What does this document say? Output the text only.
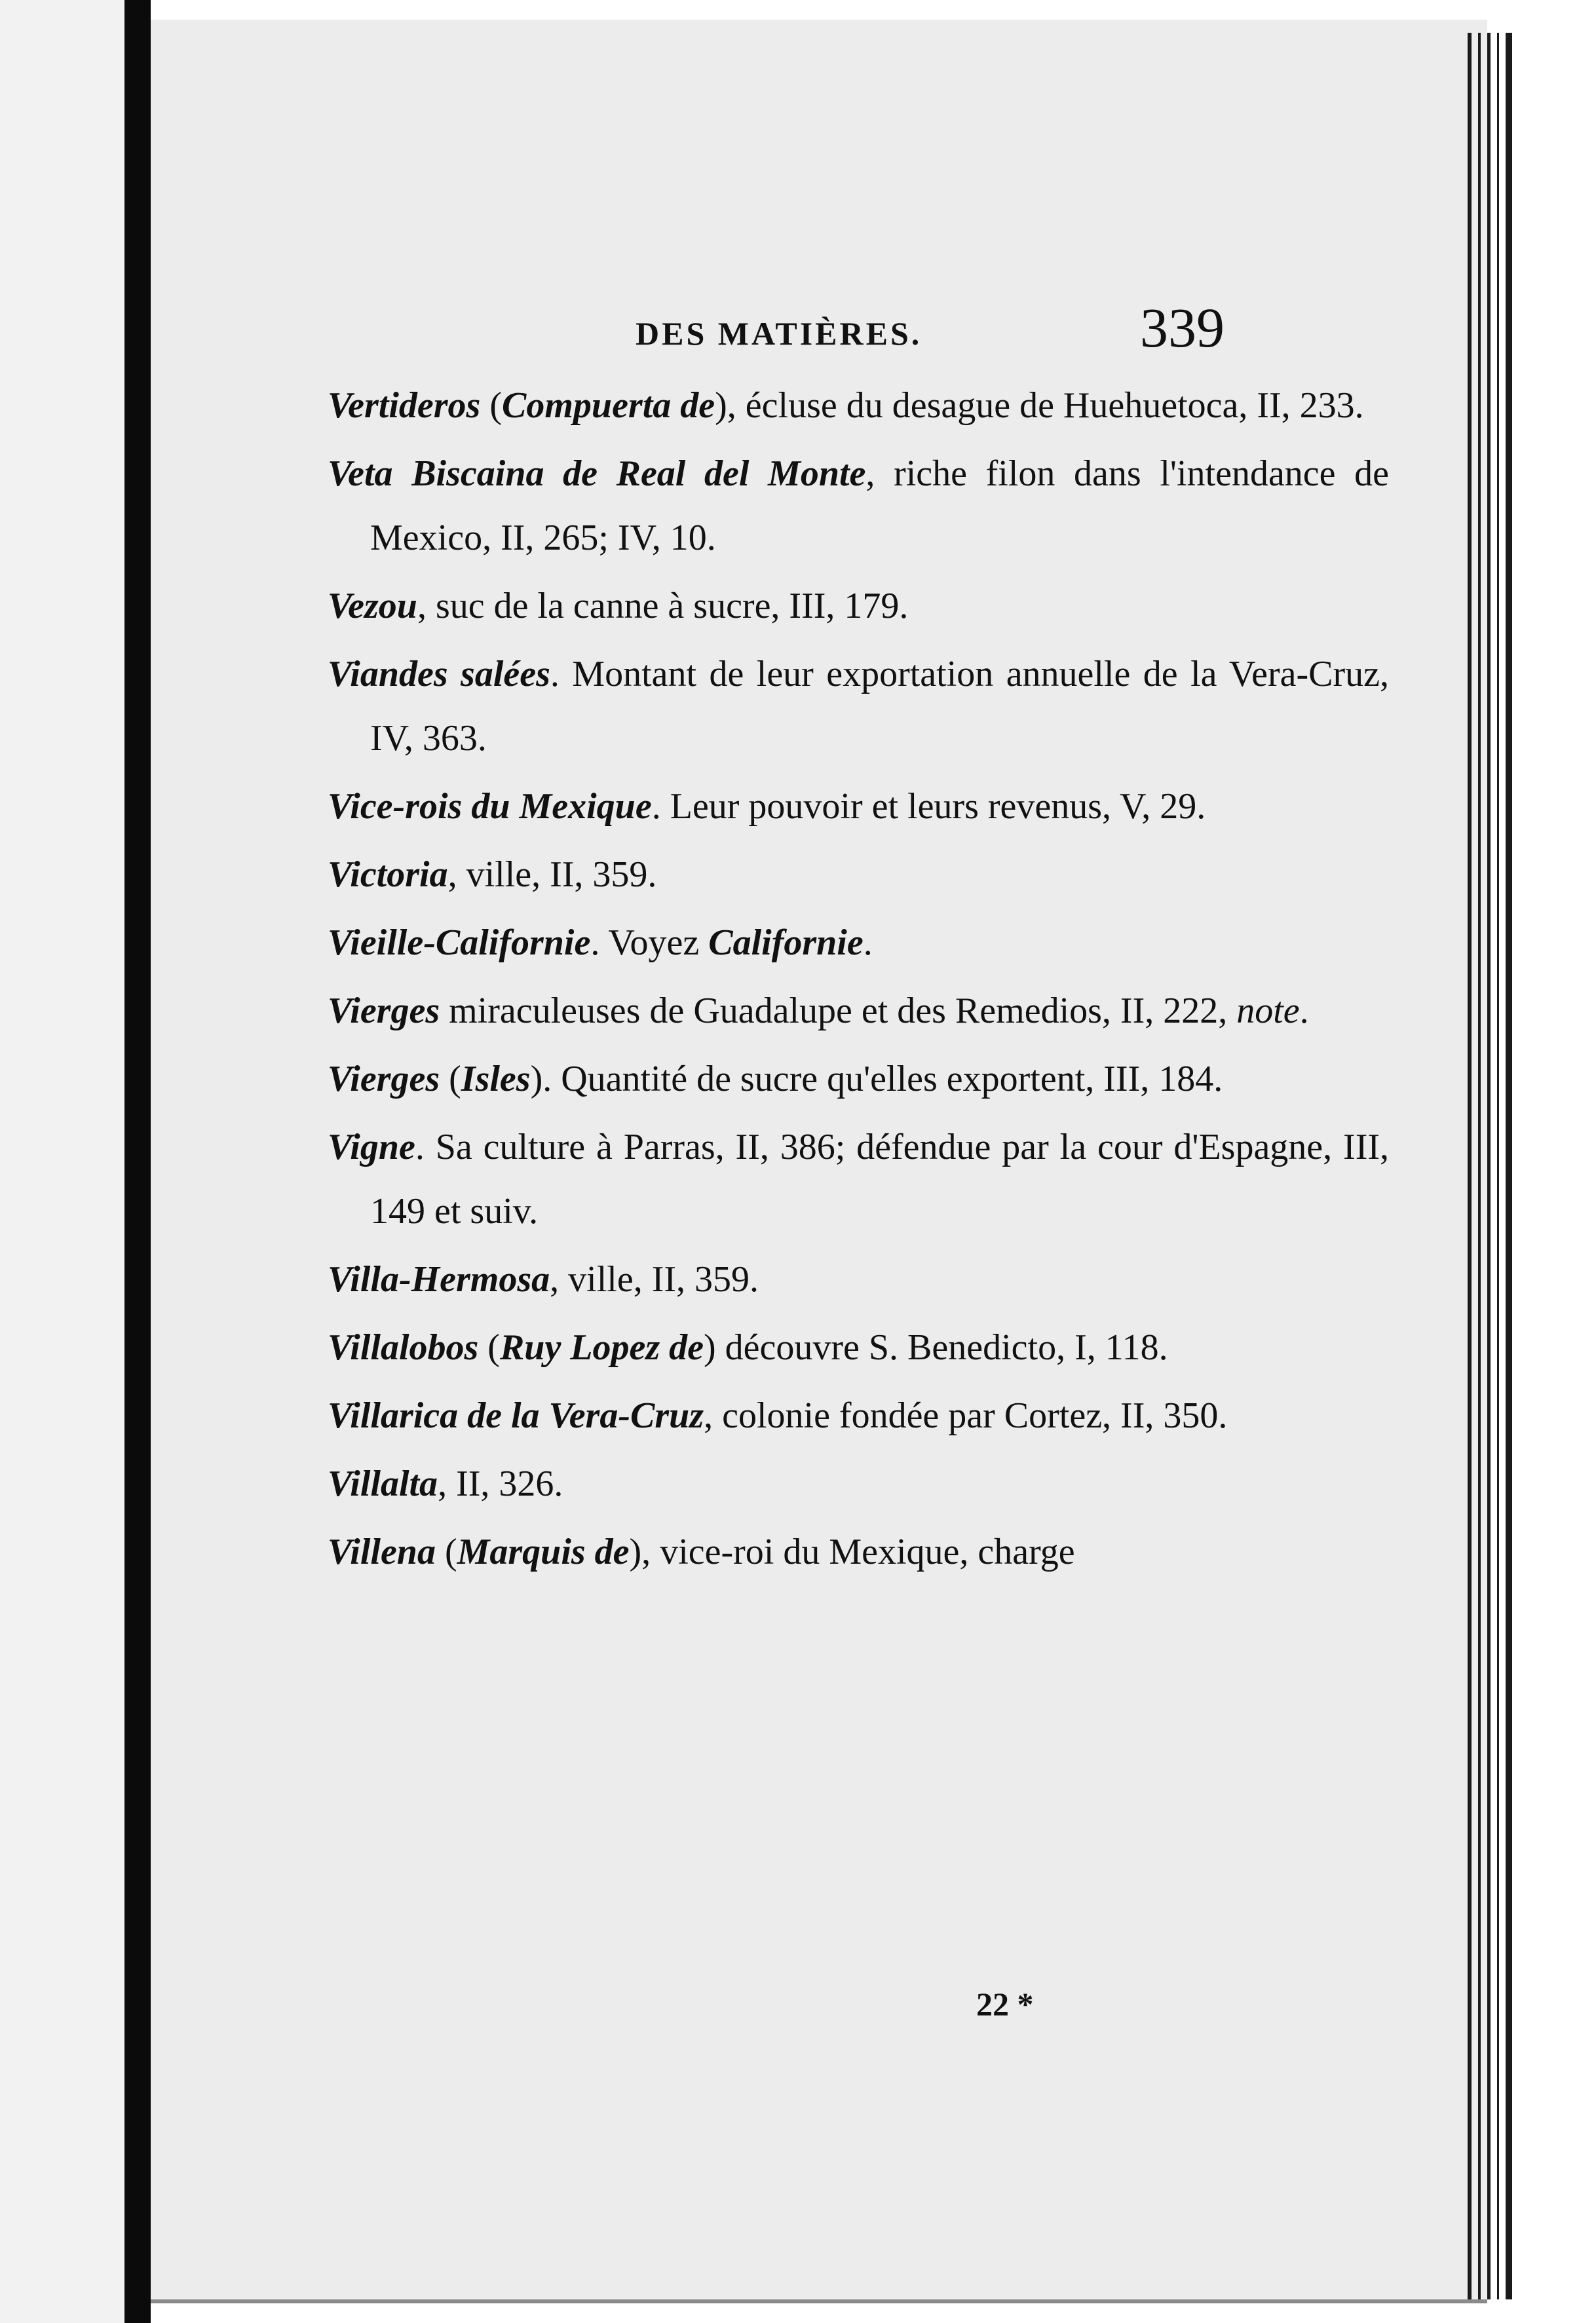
DES MATIÈRES.	339
Vertideros (Compuerta de), écluse du desague de Huehuetoca, II, 233.
Veta Biscaina de Real del Monte, riche filon dans l'intendance de Mexico, II, 265; IV, 10.
Vezou, suc de la canne à sucre, III, 179.
Viandes salées. Montant de leur exportation annuelle de la Vera-Cruz, IV, 363.
Vice-rois du Mexique. Leur pouvoir et leurs revenus, V, 29.
Victoria, ville, II, 359.
Vieille-Californie. Voyez Californie.
Vierges miraculeuses de Guadalupe et des Remedios, II, 222, note.
Vierges (Isles). Quantité de sucre qu'elles exportent, III, 184.
Vigne. Sa culture à Parras, II, 386; défendue par la cour d'Espagne, III, 149 et suiv.
Villa-Hermosa, ville, II, 359.
Villalobos (Ruy Lopez de) découvre S. Benedicto, I, 118.
Villarica de la Vera-Cruz, colonie fondée par Cortez, II, 350.
Villalta, II, 326.
Villena (Marquis de), vice-roi du Mexique, charge
22 *
